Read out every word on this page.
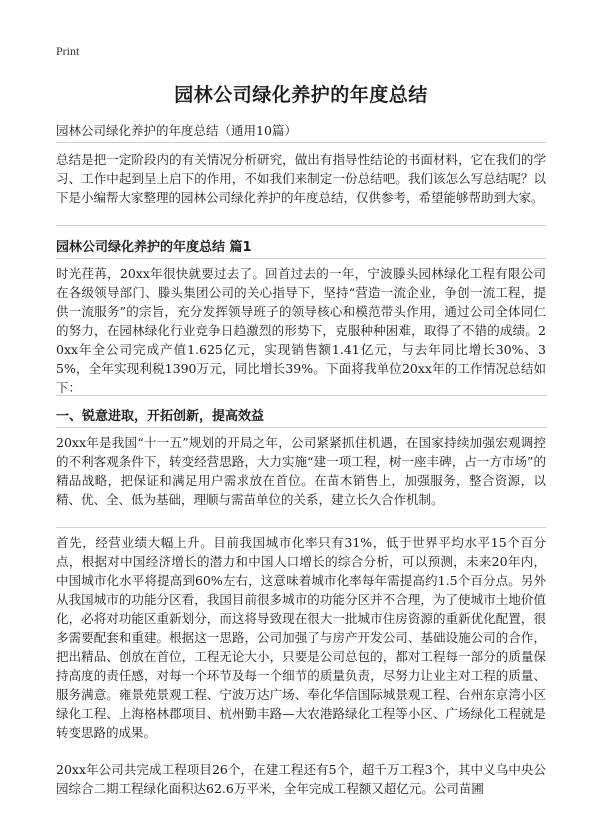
Print
园林公司绿化养护的年度总结
园林公司绿化养护的年度总结（通用10篇）
总结是把一定阶段内的有关情况分析研究，做出有指导性结论的书面材料，它在我们的学习、工作中起到呈上启下的作用，不如我们来制定一份总结吧。我们该怎么写总结呢？以下是小编帮大家整理的园林公司绿化养护的年度总结，仅供参考，希望能够帮助到大家。
园林公司绿化养护的年度总结 篇1
时光荏苒，20xx年很快就要过去了。回首过去的一年，宁波滕头园林绿化工程有限公司在各级领导部门、滕头集团公司的关心指导下，坚持“营造一流企业，争创一流工程，提供一流服务”的宗旨，充分发挥领导班子的领导核心和模范带头作用，通过公司全体同仁的努力，在园林绿化行业竞争日趋激烈的形势下，克服种种困难，取得了不错的成绩。20xx年全公司完成产值1.625亿元，实现销售额1.41亿元，与去年同比增长30%、35%，全年实现利税1390万元，同比增长39%。下面将我单位20xx年的工作情况总结如下：
一、锐意进取，开拓创新，提高效益
20xx年是我国“十一五”规划的开局之年，公司紧紧抓住机遇，在国家持续加强宏观调控的不利客观条件下，转变经营思路，大力实施“建一项工程，树一座丰碑，占一方市场”的精品战略，把保证和满足用户需求放在首位。在苗木销售上，加强服务，整合资源，以精、优、全、低为基础，理顺与需苗单位的关系，建立长久合作机制。
首先，经营业绩大幅上升。目前我国城市化率只有31%，低于世界平均水平15个百分点，根据对中国经济增长的潜力和中国人口增长的综合分析，可以预测，未来20年内，中国城市化水平将提高到60%左右，这意味着城市化率每年需提高约1.5个百分点。另外从我国城市的功能分区看，我国目前很多城市的功能分区并不合理，为了使城市土地价值化，必将对功能区重新划分，而这将导致现在很大一批城市住房资源的重新优化配置，很多需要配套和重建。根据这一思路，公司加强了与房产开发公司、基础设施公司的合作，把出精品、创放在首位，工程无论大小，只要是公司总包的，都对工程每一部分的质量保持高度的责任感，对每一个环节及每一个细节的质量负责，尽努力让业主对工程的质量、服务满意。雍景苑景观工程、宁波万达广场、奉化华信国际城景观工程、台州东京湾小区绿化工程、上海格林郡项目、杭州勤丰路—大农港路绿化工程等小区、广场绿化工程就是转变思路的成果。
20xx年公司共完成工程项目26个，在建工程还有5个，超千万工程3个，其中义乌中央公园综合二期工程绿化面积达62.6万平米，全年完成工程额又超亿元。公司苗圃
